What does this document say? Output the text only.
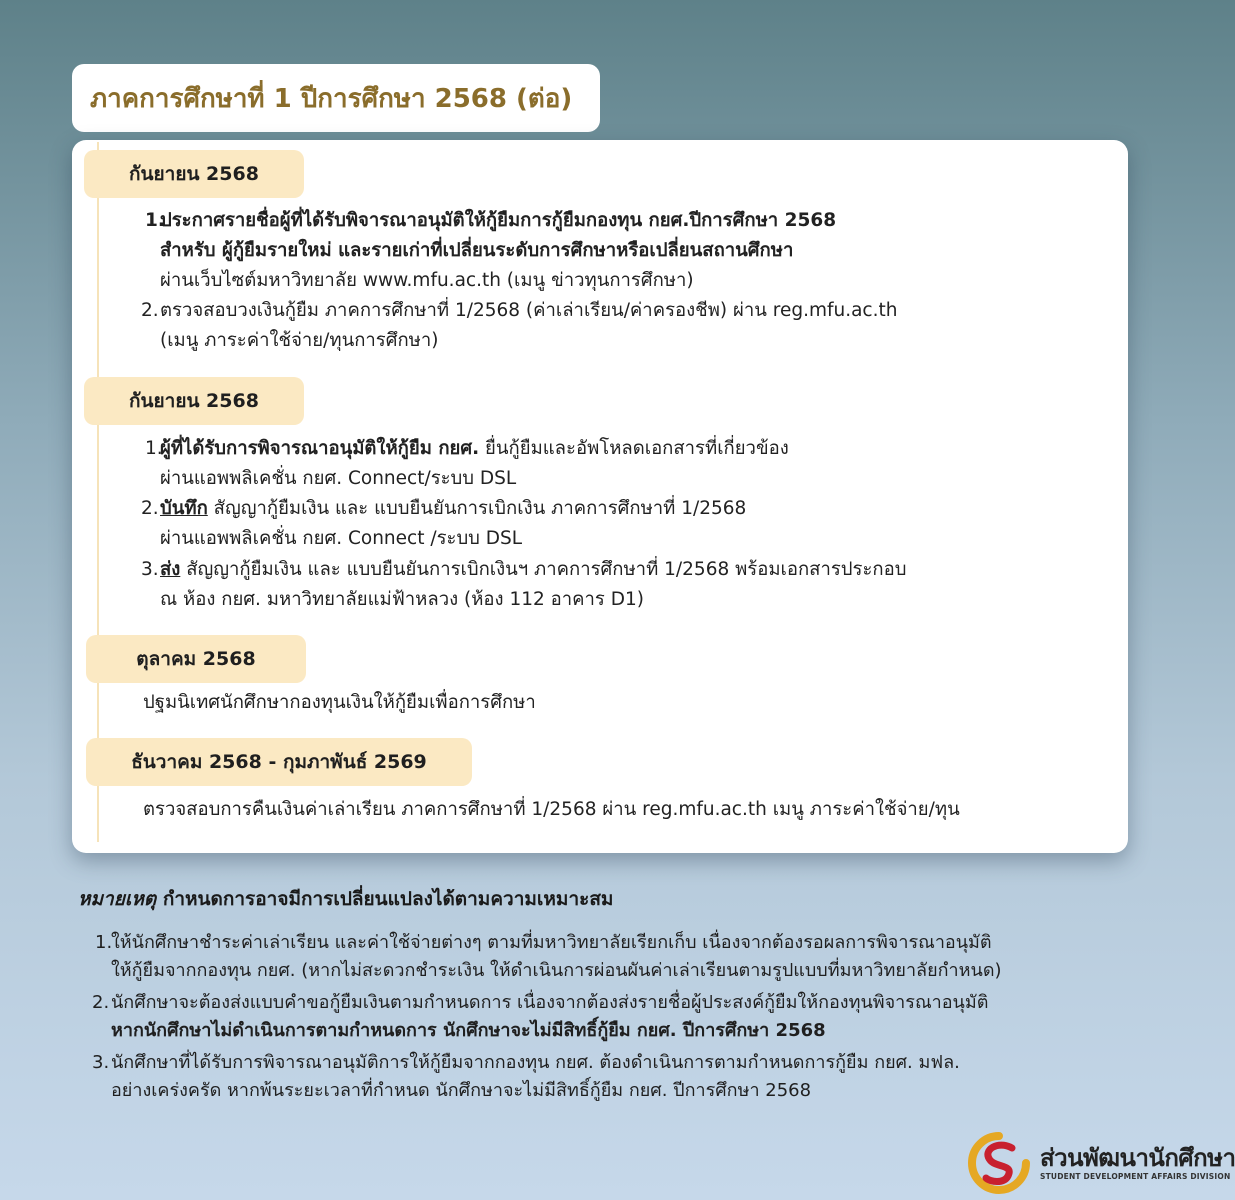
ภาคการศึกษาที่ 1 ปีการศึกษา 2568 (ต่อ)
กันยายน 2568
1.
ประกาศรายชื่อผู้ที่ได้รับพิจารณาอนุมัติให้กู้ยืมการกู้ยืมกองทุน กยศ.ปีการศึกษา 2568
สำหรับ ผู้กู้ยืมรายใหม่ และรายเก่าที่เปลี่ยนระดับการศึกษาหรือเปลี่ยนสถานศึกษา
ผ่านเว็บไซต์มหาวิทยาลัย www.mfu.ac.th (เมนู ข่าวทุนการศึกษา)
2. ตรวจสอบวงเงินกู้ยืม ภาคการศึกษาที่ 1/2568 (ค่าเล่าเรียน/ค่าครองชีพ) ผ่าน reg.mfu.ac.th
(เมนู ภาระค่าใช้จ่าย/ทุนการศึกษา)
กันยายน 2568
1.
ผู้ที่ได้รับการพิจารณาอนุมัติให้กู้ยืม กยศ. ยื่นกู้ยืมและอัพโหลดเอกสารที่เกี่ยวข้อง
ผ่านแอพพลิเคชั่น กยศ. Connect/ระบบ DSL
2. บันทึก สัญญากู้ยืมเงิน และ แบบยืนยันการเบิกเงิน ภาคการศึกษาที่ 1/2568
ผ่านแอพพลิเคชั่น กยศ. Connect /ระบบ DSL
3. ส่ง สัญญากู้ยืมเงิน และ แบบยืนยันการเบิกเงินฯ ภาคการศึกษาที่ 1/2568 พร้อมเอกสารประกอบ
ณ ห้อง กยศ. มหาวิทยาลัยแม่ฟ้าหลวง (ห้อง 112 อาคาร D1)
ตุลาคม 2568
ปฐมนิเทศนักศึกษากองทุนเงินให้กู้ยืมเพื่อการศึกษา
ธันวาคม 2568 - กุมภาพันธ์ 2569
ตรวจสอบการคืนเงินค่าเล่าเรียน ภาคการศึกษาที่ 1/2568 ผ่าน reg.mfu.ac.th เมนู ภาระค่าใช้จ่าย/ทุน
หมายเหตุ กำหนดการอาจมีการเปลี่ยนแปลงได้ตามความเหมาะสม
1.
ให้นักศึกษาชำระค่าเล่าเรียน และค่าใช้จ่ายต่างๆ ตามที่มหาวิทยาลัยเรียกเก็บ เนื่องจากต้องรอผลการพิจารณาอนุมัติ
ให้กู้ยืมจากกองทุน กยศ. (หากไม่สะดวกชำระเงิน ให้ดำเนินการผ่อนผันค่าเล่าเรียนตามรูปแบบที่มหาวิทยาลัยกำหนด)
2. นักศึกษาจะต้องส่งแบบคำขอกู้ยืมเงินตามกำหนดการ เนื่องจากต้องส่งรายชื่อผู้ประสงค์กู้ยืมให้กองทุนพิจารณาอนุมัติ
หากนักศึกษาไม่ดำเนินการตามกำหนดการ นักศึกษาจะไม่มีสิทธิ์กู้ยืม กยศ. ปีการศึกษา 2568
3. นักศึกษาที่ได้รับการพิจารณาอนุมัติการให้กู้ยืมจากกองทุน กยศ. ต้องดำเนินการตามกำหนดการกู้ยืม กยศ. มฟล.
อย่างเคร่งครัด หากพ้นระยะเวลาที่กำหนด นักศึกษาจะไม่มีสิทธิ์กู้ยืม กยศ. ปีการศึกษา 2568
ส่วนพัฒนานักศึกษา
STUDENT DEVELOPMENT AFFAIRS DIVISION
